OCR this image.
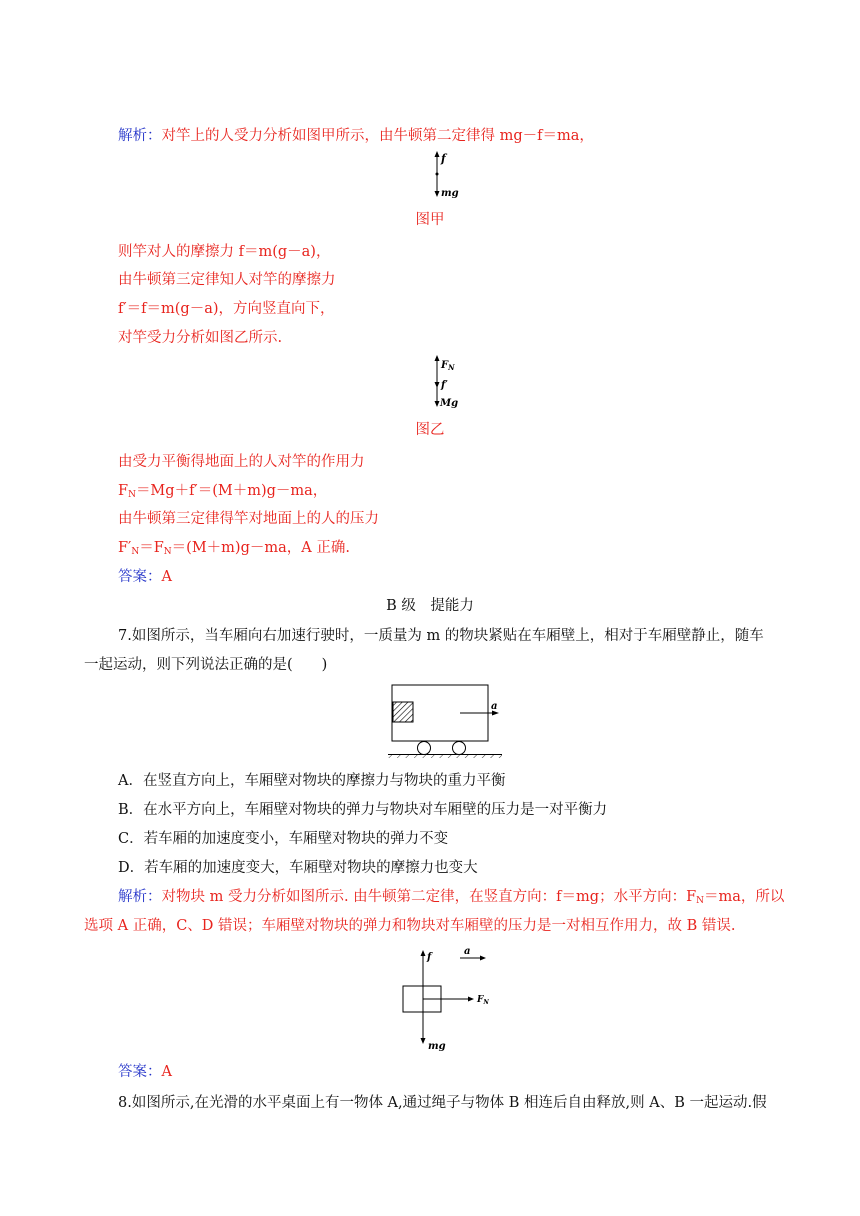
解析：对竿上的人受力分析如图甲所示，由牛顿第二定律得 mg－f＝ma，
f
mg
图甲
则竿对人的摩擦力 f＝m(g－a)，
由牛顿第三定律知人对竿的摩擦力
f′＝f＝m(g－a)，方向竖直向下，
对竿受力分析如图乙所示.
$F_N$
f′
Mg
图乙
由受力平衡得地面上的人对竿的作用力
$F_N=Mg+f'=(M+m)g-ma$，
由牛顿第三定律得竿对地面上的人的压力
$F'_N=F_N=(M+m)g-ma$，A 正确.
答案：A
B 级　提能力
7.如图所示，当车厢向右加速行驶时，一质量为 m 的物块紧贴在车厢壁上，相对于车厢壁静止，随车
一起运动，则下列说法正确的是(　　)
a
A．在竖直方向上，车厢壁对物块的摩擦力与物块的重力平衡
B．在水平方向上，车厢壁对物块的弹力与物块对车厢壁的压力是一对平衡力
C．若车厢的加速度变小，车厢壁对物块的弹力不变
D．若车厢的加速度变大，车厢壁对物块的摩擦力也变大
解析：对物块 m 受力分析如图所示. 由牛顿第二定律，在竖直方向：f＝mg；水平方向：$F_N=ma$，所以
选项 A 正确，C、D 错误；车厢壁对物块的弹力和物块对车厢壁的压力是一对相互作用力，故 B 错误.
f
a
$F_N$
mg
答案：A
8.如图所示,在光滑的水平桌面上有一物体 A,通过绳子与物体 B 相连后自由释放,则 A、B 一起运动.假
